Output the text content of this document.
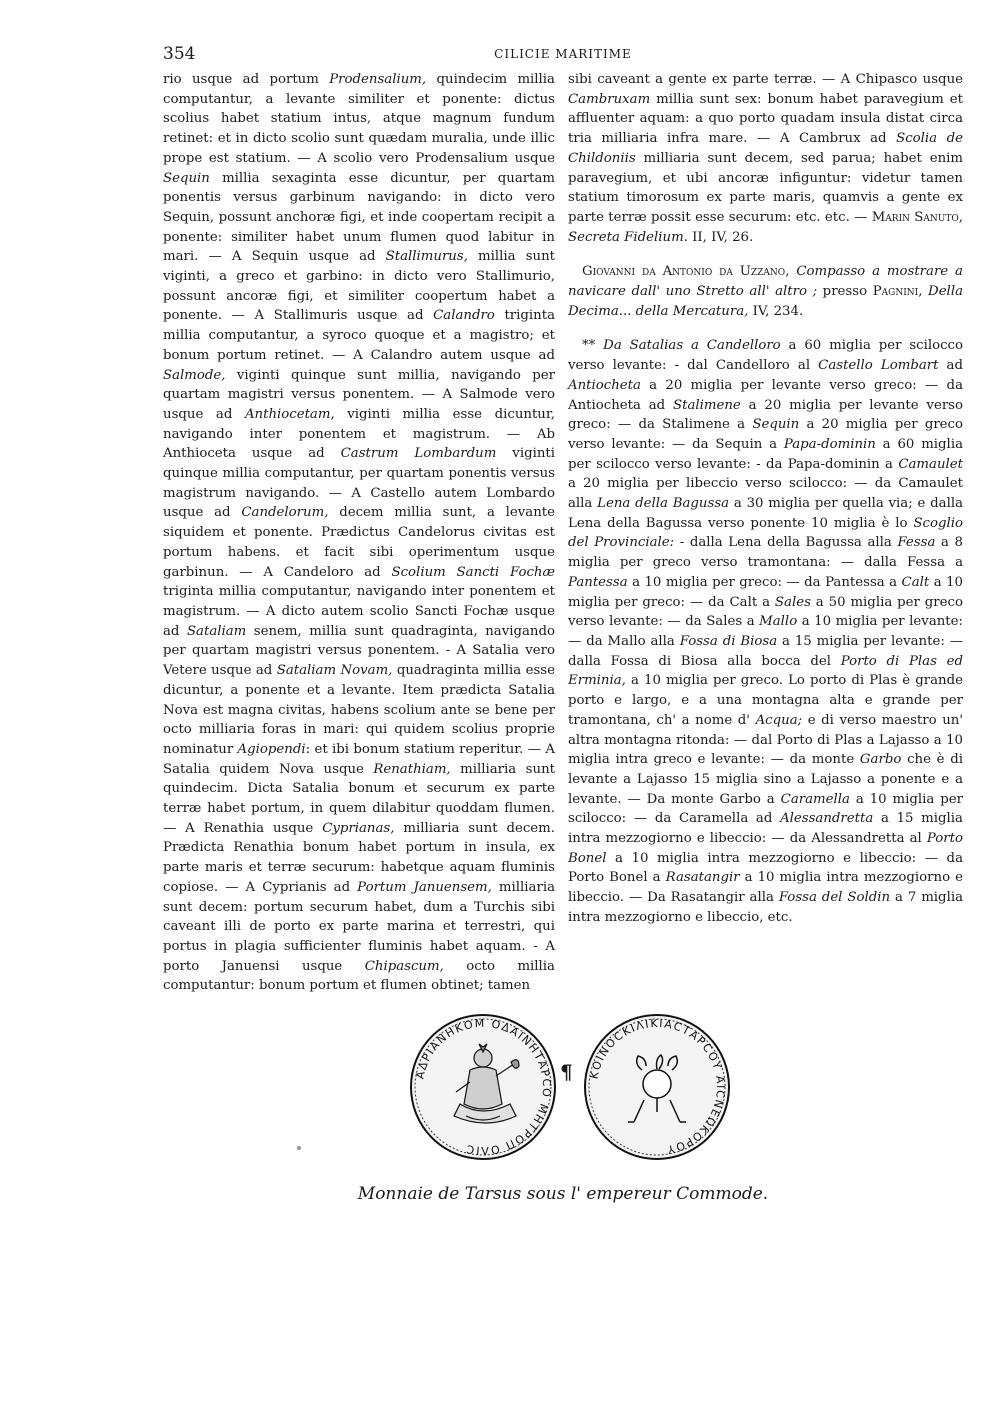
354	CILICIE MARITIME

rio usque ad portum Prodensalium, quindecim millia computantur, a levante similiter et ponente: dictus scolius habet statium intus, atque magnum fundum retinet: et in dicto scolio sunt quædam muralia, unde illic prope est statium. — A scolio vero Prodensalium usque Sequin millia sexaginta esse dicuntur, per quartam ponentis versus garbinum navigando: in dicto vero Sequin, possunt anchoræ figi, et inde coopertam recipit a ponente: similiter habet unum flumen quod labitur in mari. — A Sequin usque ad Stallimurus, millia sunt viginti, a greco et garbino: in dicto vero Stallimurio, possunt ancoræ figi, et similiter coopertum habet a ponente. — A Stallimuris usque ad Calandro triginta millia computantur, a syroco quoque et a magistro; et bonum portum retinet. — A Calandro autem usque ad Salmode, viginti quinque sunt millia, navigando per quartam magistri versus ponentem. — A Salmode vero usque ad Anthiocetam, viginti millia esse dicuntur, navigando inter ponentem et magistrum. — Ab Anthioceta usque ad Castrum Lombardum viginti quinque millia computantur, per quartam ponentis versus magistrum navigando. — A Castello autem Lombardo usque ad Candelorum, decem millia sunt, a levante siquidem et ponente. Prædictus Candelorus civitas est portum habens. et facit sibi operimentum usque garbinun. — A Candeloro ad Scolium Sancti Fochæ triginta millia computantur, navigando inter ponentem et magistrum. — A dicto autem scolio Sancti Fochæ usque ad Sataliam senem, millia sunt quadraginta, navigando per quartam magistri versus ponentem. - A Satalia vero Vetere usque ad Sataliam Novam, quadraginta millia esse dicuntur, a ponente et a levante. Item prædicta Satalia Nova est magna civitas, habens scolium ante se bene per octo milliaria foras in mari: qui quidem scolius proprie nominatur Agiopendi: et ibi bonum statium reperitur. — A Satalia quidem Nova usque Renathiam, milliaria sunt quindecim. Dicta Satalia bonum et securum ex parte terræ habet portum, in quem dilabitur quoddam flumen. — A Renathia usque Cyprianas, milliaria sunt decem. Prædicta Renathia bonum habet portum in insula, ex parte maris et terræ securum: habetque aquam fluminis copiose. — A Cyprianis ad Portum Januensem, milliaria sunt decem: portum securum habet, dum a Turchis sibi caveant illi de porto ex parte marina et terrestri, qui portus in plagia sufficienter fluminis habet aquam. - A porto Januensi usque Chipascum, octo millia computantur: bonum portum et flumen obtinet; tamen

sibi caveant a gente ex parte terræ. — A Chipasco usque Cambruxam millia sunt sex: bonum habet paravegium et affluenter aquam: a quo porto quadam insula distat circa tria milliaria infra mare. — A Cambrux ad Scolia de Childoniis milliaria sunt decem, sed parua; habet enim paravegium, et ubi ancoræ infiguntur: videtur tamen statium timorosum ex parte maris, quamvis a gente ex parte terræ possit esse securum: etc. etc. — Marin Sanuto, Secreta Fidelium. II, IV, 26.

Giovanni da Antonio da Uzzano, Compasso a mostrare a navicare dall' uno Stretto all' altro ; presso Pagnini, Della Decima... della Mercatura, IV, 234.

** Da Satalias a Candelloro a 60 miglia per scilocco verso levante: - dal Candelloro al Castello Lombart ad Antiocheta a 20 miglia per levante verso greco: — da Antiocheta ad Stalimene a 20 miglia per levante verso greco: — da Stalimene a Sequin a 20 miglia per greco verso levante: — da Sequin a Papa-dominin a 60 miglia per scilocco verso levante: - da Papa-dominin a Camaulet a 20 miglia per libeccio verso scilocco: — da Camaulet alla Lena della Bagussa a 30 miglia per quella via; e dalla Lena della Bagussa verso ponente 10 miglia è lo Scoglio del Provinciale: - dalla Lena della Bagussa alla Fessa a 8 miglia per greco verso tramontana: — dalla Fessa a Pantessa a 10 miglia per greco: — da Pantessa a Calt a 10 miglia per greco: — da Calt a Sales a 50 miglia per greco verso levante: — da Sales a Mallo a 10 miglia per levante: — da Mallo alla Fossa di Biosa a 15 miglia per levante: — dalla Fossa di Biosa alla bocca del Porto di Plas ed Erminia, a 10 miglia per greco. Lo porto di Plas è grande porto e largo, e a una montagna alta e grande per tramontana, ch' a nome d' Acqua; e di verso maestro un' altra montagna ritonda: — dal Porto di Plas a Lajasso a 10 miglia intra greco e levante: — da monte Garbo che è di levante a Lajasso 15 miglia sino a Lajasso a ponente e a levante. — Da monte Garbo a Caramella a 10 miglia per scilocco: — da Caramella ad Alessandretta a 15 miglia intra mezzogiorno e libeccio: — da Alessandretta al Porto Bonel a 10 miglia intra mezzogiorno e libeccio: — da Porto Bonel a Rasatangir a 10 miglia intra mezzogiorno e libeccio. — Da Rasatangir alla Fossa del Soldin a 7 miglia intra mezzogiorno e libeccio, etc.

ΑΔΡΙΑΝΗΚΟΜ ΟΔΑΙΝΗΤΑΡCΟ ΜΗΤΡΟΠ ΟΛΙC
¶ ΚΟΙΝΟCΚΙΛΙΚΙΑCΤΑΡCΟΥ ΑΙCΝΕΩΚΟΡΟΥ
Monnaie de Tarsus sous l' empereur Commode.
